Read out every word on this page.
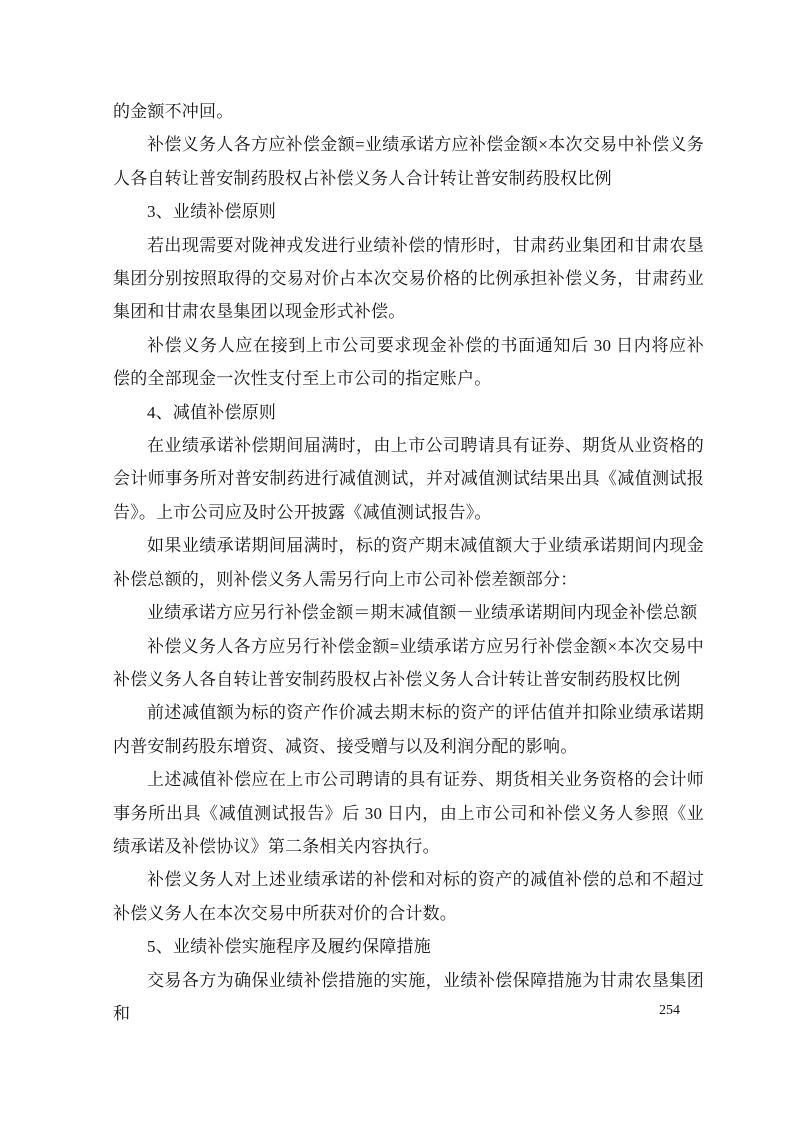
的金额不冲回。

补偿义务人各方应补偿金额=业绩承诺方应补偿金额×本次交易中补偿义务人各自转让普安制药股权占补偿义务人合计转让普安制药股权比例

3、业绩补偿原则

若出现需要对陇神戎发进行业绩补偿的情形时，甘肃药业集团和甘肃农垦集团分别按照取得的交易对价占本次交易价格的比例承担补偿义务，甘肃药业集团和甘肃农垦集团以现金形式补偿。

补偿义务人应在接到上市公司要求现金补偿的书面通知后 30 日内将应补偿的全部现金一次性支付至上市公司的指定账户。

4、减值补偿原则

在业绩承诺补偿期间届满时，由上市公司聘请具有证券、期货从业资格的会计师事务所对普安制药进行减值测试，并对减值测试结果出具《减值测试报告》。上市公司应及时公开披露《减值测试报告》。

如果业绩承诺期间届满时，标的资产期末减值额大于业绩承诺期间内现金补偿总额的，则补偿义务人需另行向上市公司补偿差额部分：

业绩承诺方应另行补偿金额＝期末减值额－业绩承诺期间内现金补偿总额

补偿义务人各方应另行补偿金额=业绩承诺方应另行补偿金额×本次交易中补偿义务人各自转让普安制药股权占补偿义务人合计转让普安制药股权比例

前述减值额为标的资产作价减去期末标的资产的评估值并扣除业绩承诺期内普安制药股东增资、减资、接受赠与以及利润分配的影响。

上述减值补偿应在上市公司聘请的具有证券、期货相关业务资格的会计师事务所出具《减值测试报告》后 30 日内，由上市公司和补偿义务人参照《业绩承诺及补偿协议》第二条相关内容执行。

补偿义务人对上述业绩承诺的补偿和对标的资产的减值补偿的总和不超过补偿义务人在本次交易中所获对价的合计数。

5、业绩补偿实施程序及履约保障措施

交易各方为确保业绩补偿措施的实施，业绩补偿保障措施为甘肃农垦集团和	254
